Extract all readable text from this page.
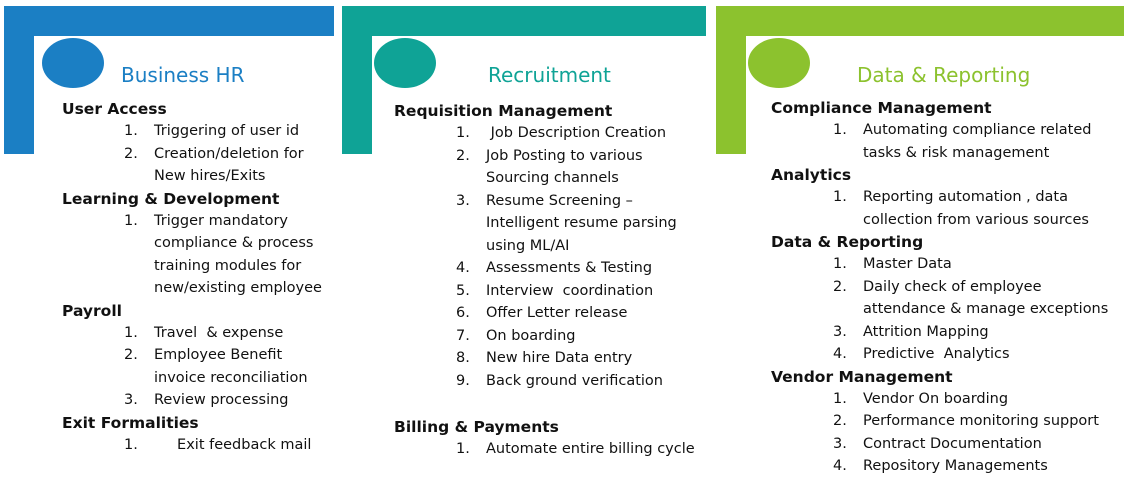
Business HR
User Access
1. Triggering of user id
2. Creation/deletion for
New hires/Exits
Learning & Development
1. Trigger mandatory
compliance & process
training modules for
new/existing employee
Payroll
1. Travel  & expense
2. Employee Benefit
invoice reconciliation
3. Review processing
Exit Formalities
1. Exit feedback mail
Recruitment
Requisition Management
1. Job Description Creation
2. Job Posting to various
Sourcing channels
3. Resume Screening –
Intelligent resume parsing
using ML/AI
4. Assessments & Testing
5. Interview  coordination
6. Offer Letter release
7. On boarding
8. New hire Data entry
9. Back ground verification
Billing & Payments
1. Automate entire billing cycle
Data & Reporting
Compliance Management
1. Automating compliance related
tasks & risk management
Analytics
1. Reporting automation , data
collection from various sources
Data & Reporting
1. Master Data
2. Daily check of employee
attendance & manage exceptions
3. Attrition Mapping
4. Predictive  Analytics
Vendor Management
1. Vendor On boarding
2. Performance monitoring support
3. Contract Documentation
4. Repository Managements
